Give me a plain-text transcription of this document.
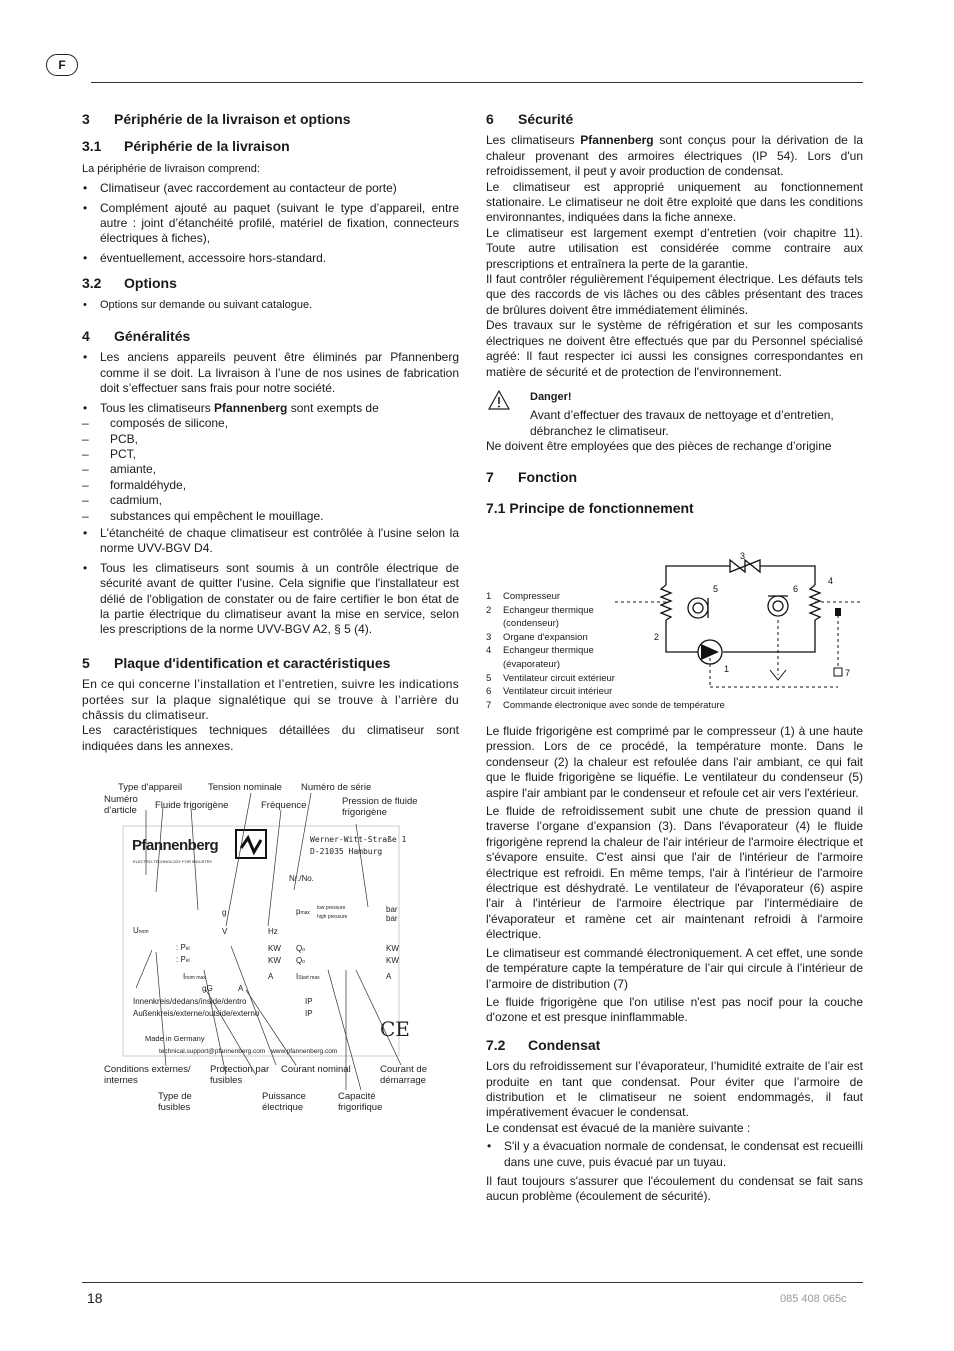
F
3 Périphérie de la livraison et options
3.1 Périphérie de la livraison

La périphérie de livraison comprend:

• Climatiseur (avec raccordement au contacteur de porte)
• Complément ajouté au paquet (suivant le type d’appareil, entre autre : joint d’étanchéité profilé, matériel de fixation, connecteurs électriques à fiches),
• éventuellement, accessoire hors-standard.
3.2 Options
• Options sur demande ou suivant catalogue.
4 Généralités
• Les anciens appareils peuvent être éliminés par Pfannenberg comme il se doit. La livraison à l’une de nos usines de fabrication doit s’effectuer sans frais pour notre société.
• Tous les climatiseurs Pfannenberg sont exempts de
– composés de silicone,
– PCB,
– PCT,
– amiante,
– formaldéhyde,
– cadmium,
– substances qui empêchent le mouillage.
• L'étanchéité de chaque climatiseur est contrôlée à l'usine selon la norme UVV-BGV D4.
• Tous les climatiseurs sont soumis à un contrôle électrique de sécurité avant de quitter l'usine. Cela signifie que l'installateur est délié de l'obligation de constater ou de faire certifier le bon état de la partie électrique du climatiseur avant la mise en service, selon les prescriptions de la norme UVV-BGV A2, § 5 (4).
5 Plaque d'identification et caractéristiques

En ce qui concerne l’installation et l’entretien, suivre les indications portées sur la plaque signalétique qui se trouve à l’arrière du châssis du climatiseur.

Les caractéristiques techniques détaillées du climatiseur sont indiquées dans les annexes.

Type d'appareil	Tension nominale Numéro de série
Numéro d’article	Fluide frigorigène	Fréquence	Pression de fluide frigorigène
Pfannenberg
ELECTRO-TECHNOLOGY FOR INDUSTRY
Werner-Witt-Straße 1
D-21035 Hamburg
Nr./No.
g	pmax
low pressure
high pressure
bar
bar
Unom	V	Hz
: Pel
: Pel
KW
KW
Qo
Qo
KW
KW
Inom max	A	IStart max	A
gG	A
Innenkreis/dedans/inside/dentro
Außenkreis/externe/outside/externo
IP
IP
Made in Germany
technical.support@pfannenberg.com · www.pfannenberg.com
CE
Conditions externes/ internes
Protection par fusibles
Courant nominal	Courant de démarrage
Type de fusibles
Puissance électrique
Capacité frigorifique
6 Sécurité

Les climatiseurs Pfannenberg sont conçus pour la dérivation de la chaleur provenant des armoires électriques (IP 54). Lors d'un refroidissement, il peut y avoir production de condensat.

Le climatiseur est approprié uniquement au fonctionnement stationaire. Le climatiseur ne doit être exploité que dans les conditions environnantes, indiquées dans la fiche annexe.

Le climatiseur est largement exempt d’entretien (voir chapitre 11). Toute autre utilisation est considérée comme contraire aux prescriptions et entraînera la perte de la garantie.

Il faut contrôler régulièrement l'équipement électrique. Les défauts tels que des raccords de vis lâches ou des câbles présentant des traces de brûlures doivent être immédiatement éliminés.

Des travaux sur le système de réfrigération et sur les composants électriques ne doivent être effectués que par du Personnel spécialisé agréé: Il faut respecter ici aussi les consignes correspondantes en matière de sécurité et de protection de l'environnement.

Danger!

Avant d’effectuer des travaux de nettoyage et d’entretien, débranchez le climatiseur.

Ne doivent être employées que des pièces de rechange d’origine

7 Fonction
7.1 Principe de fonctionnement
1
2
3
4
5	6
7
1 Compresseur
2	Echangeur thermique (condenseur)
3 Organe d'expansion
4	Echangeur thermique (évaporateur)
5 Ventilateur circuit extérieur
6 Ventilateur circuit intérieur
7 Commande électronique avec sonde de température

Le fluide frigorigène est comprimé par le compresseur (1) à une haute pression. Lors de ce procédé, la température monte. Dans le condenseur (2) la chaleur est refoulée dans l'air ambiant, ce qui fait que le fluide frigorigène se liquéfie. Le ventilateur du condenseur (5) aspire l'air ambiant par le condenseur et refoule cet air vers l'extérieur.

Le fluide de refroidissement subit une chute de pression quand il traverse l’organe d’expansion (3). Dans l'évaporateur (4) le fluide frigorigène reprend la chaleur de l'air intérieur de l'armoire électrique et s'évapore ensuite. C'est ainsi que l'air de l'intérieur de l'armoire électrique est refroidi. En même temps, l'air à l'intérieur de l'armoire électrique est déshydraté. Le ventilateur de l'évaporateur (6) aspire l'air à l'intérieur de l'armoire électrique par l'intermédiaire de l'évaporateur et ramène cet air maintenant refroidi à l'armoire électrique.

Le climatiseur est commandé électroniquement. A cet effet, une sonde de température capte la température de l’air qui circule à l’intérieur de l’armoire de distribution (7)

Le fluide frigorigène que l'on utilise n'est pas nocif pour la couche d'ozone et est presque ininflammable.

7.2 Condensat

Lors du refroidissement sur l’évaporateur, l’humidité extraite de l’air est produite en tant que condensat. Pour éviter que l’armoire de distribution et le climatiseur ne soient endommagés, il faut impérativement évacuer le condensat.

Le condensat est évacué de la manière suivante :

• S'il y a évacuation normale de condensat, le condensat est recueilli dans une cuve, puis évacué par un tuyau.

Il faut toujours s'assurer que l'écoulement du condensat se fait sans aucun problème (écoulement de sécurité).

18	085 408 065c
